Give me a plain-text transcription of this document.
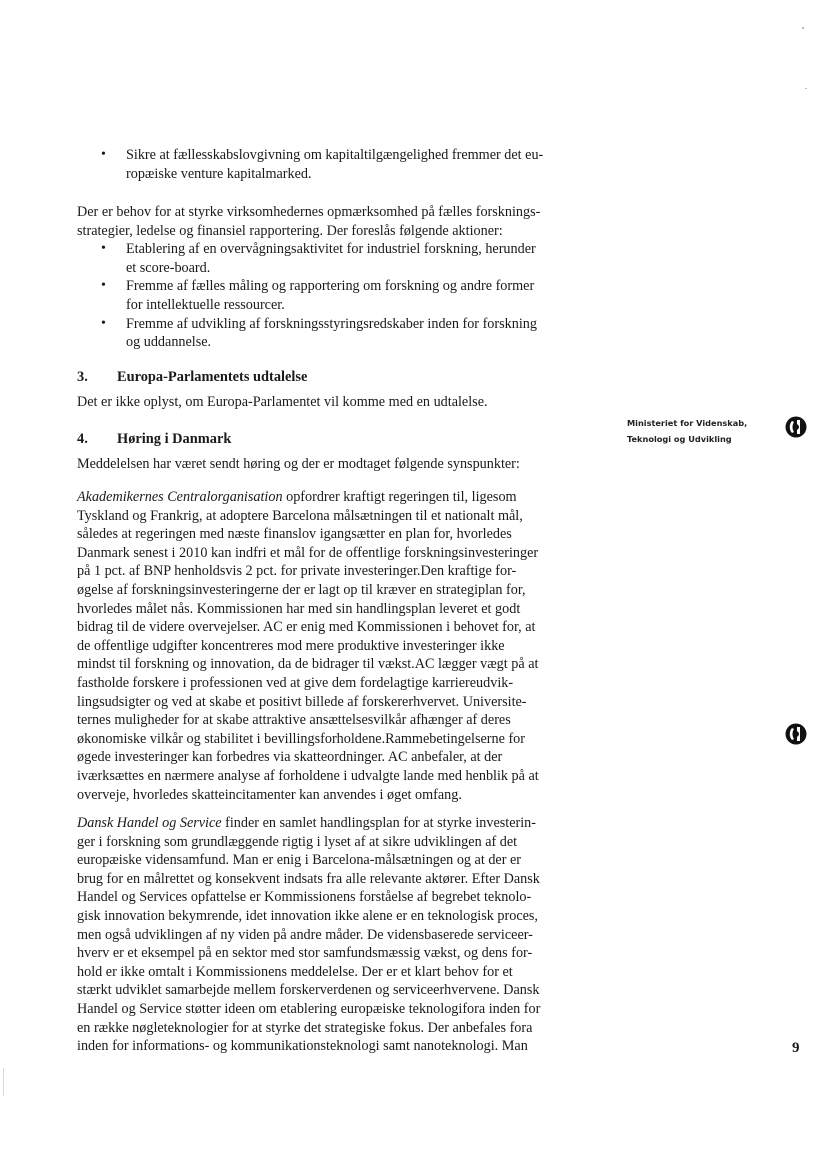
• Sikre at fællesskabslovgivning om kapitaltilgængelighed fremmer det eu-
ropæiske venture kapitalmarked.

Der er behov for at styrke virksomhedernes opmærksomhed på fælles forsknings-
strategier, ledelse og finansiel rapportering. Der foreslås følgende aktioner:

• Etablering af en overvågningsaktivitet for industriel forskning, herunder
et score-board.
• Fremme af fælles måling og rapportering om forskning og andre former
for intellektuelle ressourcer.
• Fremme af udvikling af forskningsstyringsredskaber inden for forskning
og uddannelse.

3. Europa-Parlamentets udtalelse

Det er ikke oplyst, om Europa-Parlamentet vil komme med en udtalelse.

4. Høring i Danmark

Meddelelsen har været sendt høring og der er modtaget følgende synspunkter:

Akademikernes Centralorganisation opfordrer kraftigt regeringen til, ligesom
Tyskland og Frankrig, at adoptere Barcelona målsætningen til et nationalt mål,
således at regeringen med næste finanslov igangsætter en plan for, hvorledes
Danmark senest i 2010 kan indfri et mål for de offentlige forskningsinvesteringer
på 1 pct. af BNP henholdsvis 2 pct. for private investeringer.Den kraftige for-
øgelse af forskningsinvesteringerne der er lagt op til kræver en strategiplan for,
hvorledes målet nås. Kommissionen har med sin handlingsplan leveret et godt
bidrag til de videre overvejelser. AC er enig med Kommissionen i behovet for, at
de offentlige udgifter koncentreres mod mere produktive investeringer ikke
mindst til forskning og innovation, da de bidrager til vækst.AC lægger vægt på at
fastholde forskere i professionen ved at give dem fordelagtige karriereudvik-
lingsudsigter og ved at skabe et positivt billede af forskererhvervet. Universite-
ternes muligheder for at skabe attraktive ansættelsesvilkår afhænger af deres
økonomiske vilkår og stabilitet i bevillingsforholdene.Rammebetingelserne for
øgede investeringer kan forbedres via skatteordninger. AC anbefaler, at der
iværksættes en nærmere analyse af forholdene i udvalgte lande med henblik på at
overveje, hvorledes skatteincitamenter kan anvendes i øget omfang.

Dansk Handel og Service finder en samlet handlingsplan for at styrke investerin-
ger i forskning som grundlæggende rigtig i lyset af at sikre udviklingen af det
europæiske vidensamfund. Man er enig i Barcelona-målsætningen og at der er
brug for en målrettet og konsekvent indsats fra alle relevante aktører. Efter Dansk
Handel og Services opfattelse er Kommissionens forståelse af begrebet teknolo-
gisk innovation bekymrende, idet innovation ikke alene er en teknologisk proces,
men også udviklingen af ny viden på andre måder. De vidensbaserede serviceer-
hverv er et eksempel på en sektor med stor samfundsmæssig vækst, og dens for-
hold er ikke omtalt i Kommissionens meddelelse. Der er et klart behov for et
stærkt udviklet samarbejde mellem forskerverdenen og serviceerhvervene. Dansk
Handel og Service støtter ideen om etablering europæiske teknologifora inden for
en række nøgleteknologier for at styrke det strategiske fokus. Der anbefales fora
inden for informations- og kommunikationsteknologi samt nanoteknologi. Man

Ministeriet for Videnskab,
Teknologi og Udvikling
9
